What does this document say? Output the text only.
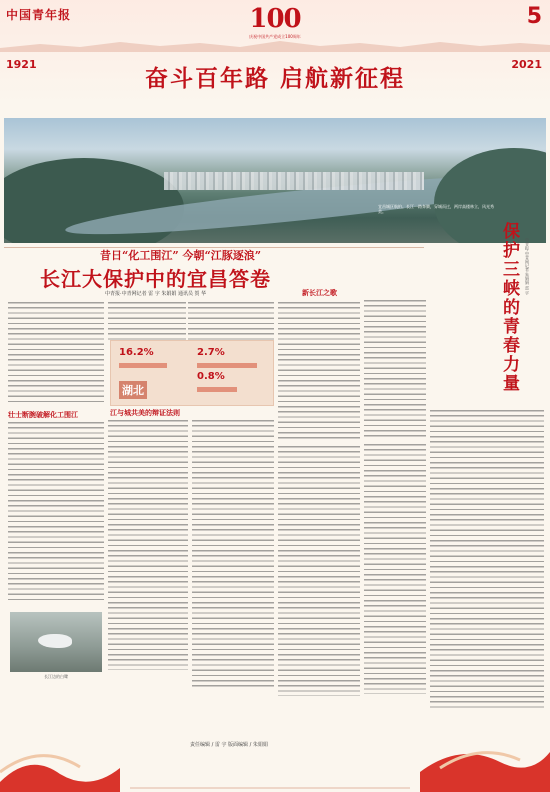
中国青年报	100
庆祝中国共产党成立100周年
5
1921	2021
奋斗百年路 启航新征程
昔日“化工围江” 今朝“江豚逐浪”
长江大保护中的宜昌答卷
中青报·中青网记者 雷 宇 朱娟娟 通讯员 贺 华
宜昌城区航拍。长江一路奔腾，穿城而过，两岸高楼林立，风光秀美。
保护三峡的青春力量	中青报·中青网记者 朱娟娟 雷 宇
16.2%	2.7%
0.8%
湖北
壮士断腕破解化工围江	江与城共美的辩证法则
新长江之歌
长江边的白鹭
责任编辑 / 雷 宇 版面编辑 / 朱娟娟
